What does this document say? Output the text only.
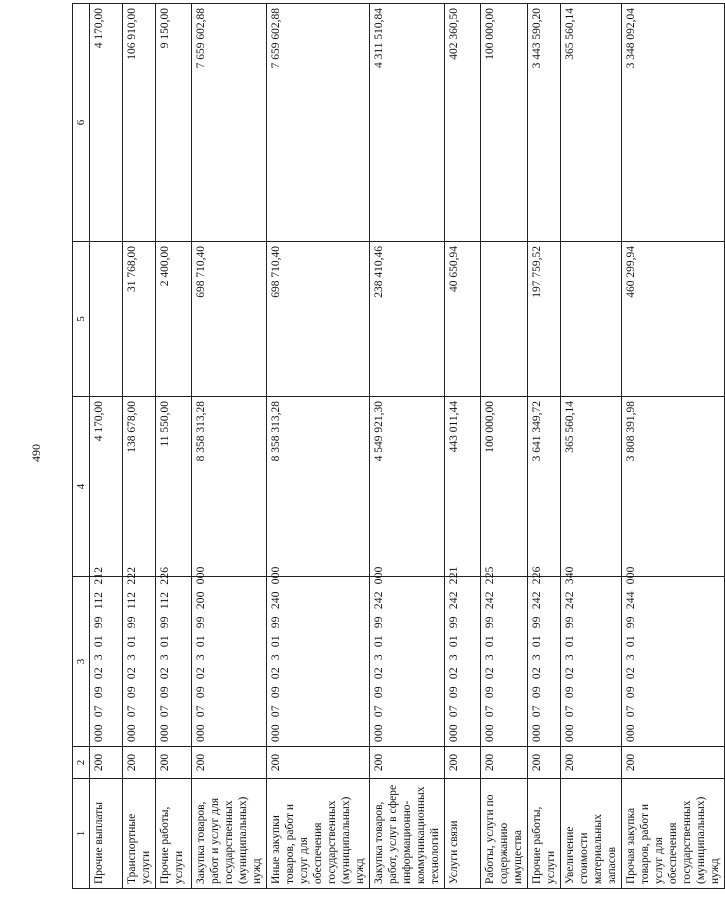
490
1	2	3	4	5	6
Прочие выплаты	200	000 07 09 02 3 01 99 112 212	4 170,00		4 170,00
Транспортные услуги	200	000 07 09 02 3 01 99 112 222	138 678,00	31 768,00	106 910,00
Прочие работы, услуги	200	000 07 09 02 3 01 99 112 226	11 550,00	2 400,00	9 150,00
Закупка товаров, работ и услуг для государственных (муниципальных) нужд	200	000 07 09 02 3 01 99 200 000	8 358 313,28	698 710,40	7 659 602,88
Иные закупки товаров, работ и услуг для обеспечения государственных (муниципальных) нужд	200	000 07 09 02 3 01 99 240 000	8 358 313,28	698 710,40	7 659 602,88
Закупка товаров, работ, услуг в сфере информационно-коммуникационных технологий	200	000 07 09 02 3 01 99 242 000	4 549 921,30	238 410,46	4 311 510,84
Услуги связи	200	000 07 09 02 3 01 99 242 221	443 011,44	40 650,94	402 360,50
Работы, услуги по содержанию имущества	200	000 07 09 02 3 01 99 242 225	100 000,00		100 000,00
Прочие работы, услуги	200	000 07 09 02 3 01 99 242 226	3 641 349,72	197 759,52	3 443 590,20
Увеличение стоимости материальных запасов	200	000 07 09 02 3 01 99 242 340	365 560,14		365 560,14
Прочая закупка товаров, работ и услуг для обеспечения государственных (муниципальных) нужд	200	000 07 09 02 3 01 99 244 000	3 808 391,98	460 299,94	3 348 092,04
